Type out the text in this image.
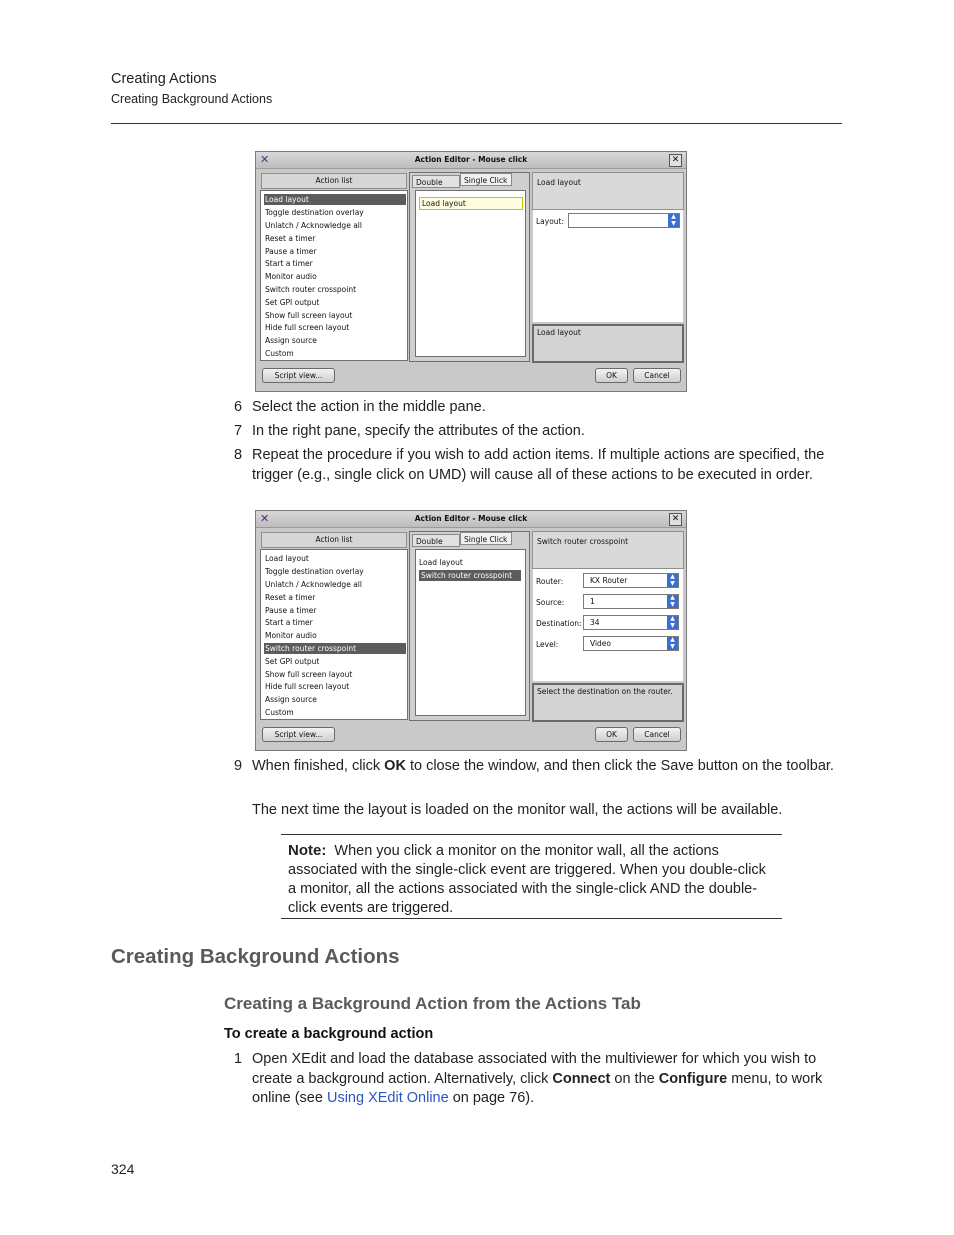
Creating Actions
Creating Background Actions
✕	Action Editor - Mouse click	✕
Action list
Load layout
Toggle destination overlay
Unlatch / Acknowledge all
Reset a timer
Pause a timer
Start a timer
Monitor audio
Switch router crosspoint
Set GPI output
Show full screen layout
Hide full screen layout
Assign source
Custom
Double	Single Click
Load layout
Load layout
Layout:
▲
▼
Load layout
Script view...	OK	Cancel
6 Select the action in the middle pane.
7 In the right pane, specify the attributes of the action.
8 Repeat the procedure if you wish to add action items. If multiple actions are specified, the trigger (e.g., single click on UMD) will cause all of these actions to be executed in order.
✕	Action Editor - Mouse click	✕
Action list
Load layout
Toggle destination overlay
Unlatch / Acknowledge all
Reset a timer
Pause a timer
Start a timer
Monitor audio
Switch router crosspoint
Set GPI output
Show full screen layout
Hide full screen layout
Assign source
Custom
Double	Single Click
Load layout
Switch router crosspoint
Switch router crosspoint
Router:	KX Router	▲
▼
Source:	1	▲
▼
Destination:	34	▲
▼
Level:	Video	▲
▼
Select the destination on the router.
Script view...	OK	Cancel
9 When finished, click OK to close the window, and then click the Save button on the toolbar.
The next time the layout is loaded on the monitor wall, the actions will be available.
Note: When you click a monitor on the monitor wall, all the actions associated with the single-click event are triggered. When you double-click a monitor, all the actions associated with the single-click AND the double-click events are triggered.
Creating Background Actions
Creating a Background Action from the Actions Tab
To create a background action
1 Open XEdit and load the database associated with the multiviewer for which you wish to create a background action. Alternatively, click Connect on the Configure menu, to work online (see Using XEdit Online on page 76).
324
